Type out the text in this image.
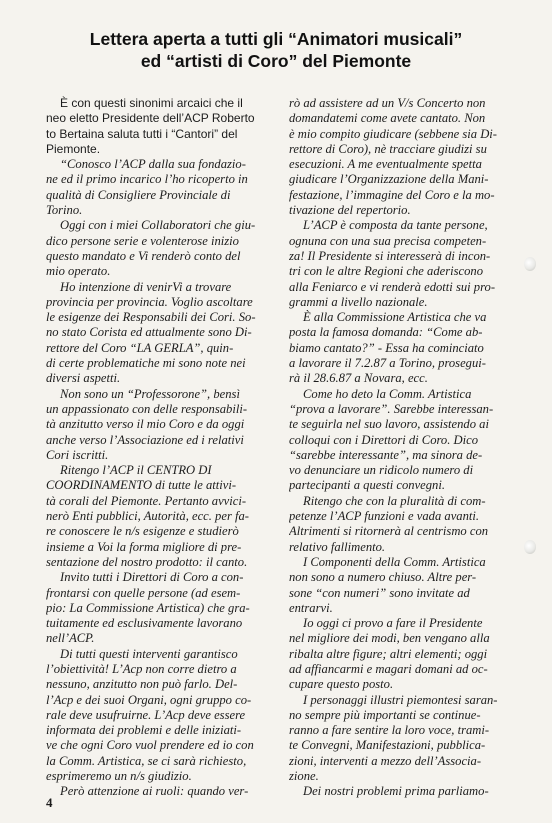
Lettera aperta a tutti gli “Animatori musicali”
ed “artisti di Coro” del Piemonte
È con questi sinonimi arcaici che il
neo eletto Presidente dell’ACP Roberto
to Bertaina saluta tutti i “Cantori” del
Piemonte.
“Conosco l’ACP dalla sua fondazio-
ne ed il primo incarico l’ho ricoperto in
qualità di Consigliere Provinciale di
Torino.
Oggi con i miei Collaboratori che giu-
dico persone serie e volenterose inizio
questo mandato e Vi renderò conto del
mio operato.
Ho intenzione di venirVi a trovare
provincia per provincia. Voglio ascoltare
le esigenze dei Responsabili dei Cori. So-
no stato Corista ed attualmente sono Di-
rettore del Coro “LA GERLA”, quin-
di certe problematiche mi sono note nei
diversi aspetti.
Non sono un “Professorone”, bensì
un appassionato con delle responsabili-
tà anzitutto verso il mio Coro e da oggi
anche verso l’Associazione ed i relativi
Cori iscritti.
Ritengo l’ACP il CENTRO DI
COORDINAMENTO di tutte le attivi-
tà corali del Piemonte. Pertanto avvici-
nerò Enti pubblici, Autorità, ecc. per fa-
re conoscere le n/s esigenze e studierò
insieme a Voi la forma migliore di pre-
sentazione del nostro prodotto: il canto.
Invito tutti i Direttori di Coro a con-
frontarsi con quelle persone (ad esem-
pio: La Commissione Artistica) che gra-
tuitamente ed esclusivamente lavorano
nell’ACP.
Di tutti questi interventi garantisco
l’obiettività! L’Acp non corre dietro a
nessuno, anzitutto non può farlo. Del-
l’Acp e dei suoi Organi, ogni gruppo co-
rale deve usufruirne. L’Acp deve essere
informata dei problemi e delle iniziati-
ve che ogni Coro vuol prendere ed io con
la Comm. Artistica, se ci sarà richiesto,
esprimeremo un n/s giudizio.
Però attenzione ai ruoli: quando ver-
rò ad assistere ad un V/s Concerto non
domandatemi come avete cantato. Non
è mio compito giudicare (sebbene sia Di-
rettore di Coro), nè tracciare giudizi su
esecuzioni. A me eventualmente spetta
giudicare l’Organizzazione della Mani-
festazione, l’immagine del Coro e la mo-
tivazione del repertorio.
L’ACP è composta da tante persone,
ognuna con una sua precisa competen-
za! Il Presidente si interesserà di incon-
tri con le altre Regioni che aderiscono
alla Feniarco e vi renderà edotti sui pro-
grammi a livello nazionale.
È alla Commissione Artistica che va
posta la famosa domanda: “Come ab-
biamo cantato?” - Essa ha cominciato
a lavorare il 7.2.87 a Torino, prosegui-
rà il 28.6.87 a Novara, ecc.
Come ho deto la Comm. Artistica
“prova a lavorare”. Sarebbe interessan-
te seguirla nel suo lavoro, assistendo ai
colloqui con i Direttori di Coro. Dico
“sarebbe interessante”, ma sinora de-
vo denunciare un ridicolo numero di
partecipanti a questi convegni.
Ritengo che con la pluralità di com-
petenze l’ACP funzioni e vada avanti.
Altrimenti si ritornerà al centrismo con
relativo fallimento.
I Componenti della Comm. Artistica
non sono a numero chiuso. Altre per-
sone “con numeri” sono invitate ad
entrarvi.
Io oggi ci provo a fare il Presidente
nel migliore dei modi, ben vengano alla
ribalta altre figure; altri elementi; oggi
ad affiancarmi e magari domani ad oc-
cupare questo posto.
I personaggi illustri piemontesi saran-
no sempre più importanti se continue-
ranno a fare sentire la loro voce, trami-
te Convegni, Manifestazioni, pubblica-
zioni, interventi a mezzo dell’Associa-
zione.
Dei nostri problemi prima parliamo-
4
